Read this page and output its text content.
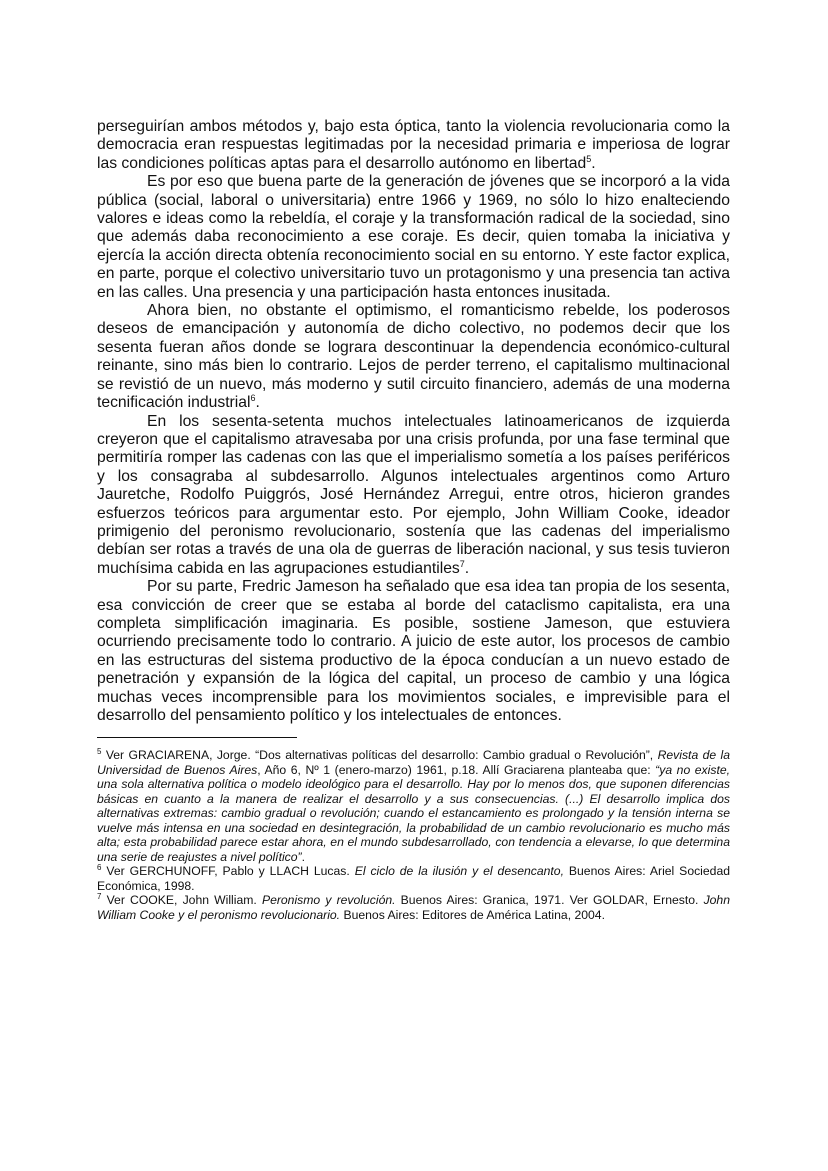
perseguirían ambos métodos y, bajo esta óptica, tanto la violencia revolucionaria como la democracia eran respuestas legitimadas por la necesidad primaria e imperiosa de lograr las condiciones políticas aptas para el desarrollo autónomo en libertad$^5$.

Es por eso que buena parte de la generación de jóvenes que se incorporó a la vida pública (social, laboral o universitaria) entre 1966 y 1969, no sólo lo hizo enalteciendo valores e ideas como la rebeldía, el coraje y la transformación radical de la sociedad, sino que además daba reconocimiento a ese coraje. Es decir, quien tomaba la iniciativa y ejercía la acción directa obtenía reconocimiento social en su entorno. Y este factor explica, en parte, porque el colectivo universitario tuvo un protagonismo y una presencia tan activa en las calles. Una presencia y una participación hasta entonces inusitada.

Ahora bien, no obstante el optimismo, el romanticismo rebelde, los poderosos deseos de emancipación y autonomía de dicho colectivo, no podemos decir que los sesenta fueran años donde se lograra descontinuar la dependencia económico-cultural reinante, sino más bien lo contrario. Lejos de perder terreno, el capitalismo multinacional se revistió de un nuevo, más moderno y sutil circuito financiero, además de una moderna tecnificación industrial$^6$.

En los sesenta-setenta muchos intelectuales latinoamericanos de izquierda creyeron que el capitalismo atravesaba por una crisis profunda, por una fase terminal que permitiría romper las cadenas con las que el imperialismo sometía a los países periféricos y los consagraba al subdesarrollo. Algunos intelectuales argentinos como Arturo Jauretche, Rodolfo Puiggrós, José Hernández Arregui, entre otros, hicieron grandes esfuerzos teóricos para argumentar esto. Por ejemplo, John William Cooke, ideador primigenio del peronismo revolucionario, sostenía que las cadenas del imperialismo debían ser rotas a través de una ola de guerras de liberación nacional, y sus tesis tuvieron muchísima cabida en las agrupaciones estudiantiles$^7$.

Por su parte, Fredric Jameson ha señalado que esa idea tan propia de los sesenta, esa convicción de creer que se estaba al borde del cataclismo capitalista, era una completa simplificación imaginaria. Es posible, sostiene Jameson, que estuviera ocurriendo precisamente todo lo contrario. A juicio de este autor, los procesos de cambio en las estructuras del sistema productivo de la época conducían a un nuevo estado de penetración y expansión de la lógica del capital, un proceso de cambio y una lógica muchas veces incomprensible para los movimientos sociales, e imprevisible para el desarrollo del pensamiento político y los intelectuales de entonces.

$^5$ Ver GRACIARENA, Jorge. “Dos alternativas políticas del desarrollo: Cambio gradual o Revolución”, Revista de la Universidad de Buenos Aires, Año 6, Nº 1 (enero-marzo) 1961, p.18. Allí Graciarena planteaba que: “ya no existe, una sola alternativa política o modelo ideológico para el desarrollo. Hay por lo menos dos, que suponen diferencias básicas en cuanto a la manera de realizar el desarrollo y a sus consecuencias. (...) El desarrollo implica dos alternativas extremas: cambio gradual o revolución; cuando el estancamiento es prolongado y la tensión interna se vuelve más intensa en una sociedad en desintegración, la probabilidad de un cambio revolucionario es mucho más alta; esta probabilidad parece estar ahora, en el mundo subdesarrollado, con tendencia a elevarse, lo que determina una serie de reajustes a nivel político”.

$^6$ Ver GERCHUNOFF, Pablo y LLACH Lucas. El ciclo de la ilusión y el desencanto, Buenos Aires: Ariel Sociedad Económica, 1998.

$^7$ Ver COOKE, John William. Peronismo y revolución. Buenos Aires: Granica, 1971. Ver GOLDAR, Ernesto. John William Cooke y el peronismo revolucionario. Buenos Aires: Editores de América Latina, 2004.
